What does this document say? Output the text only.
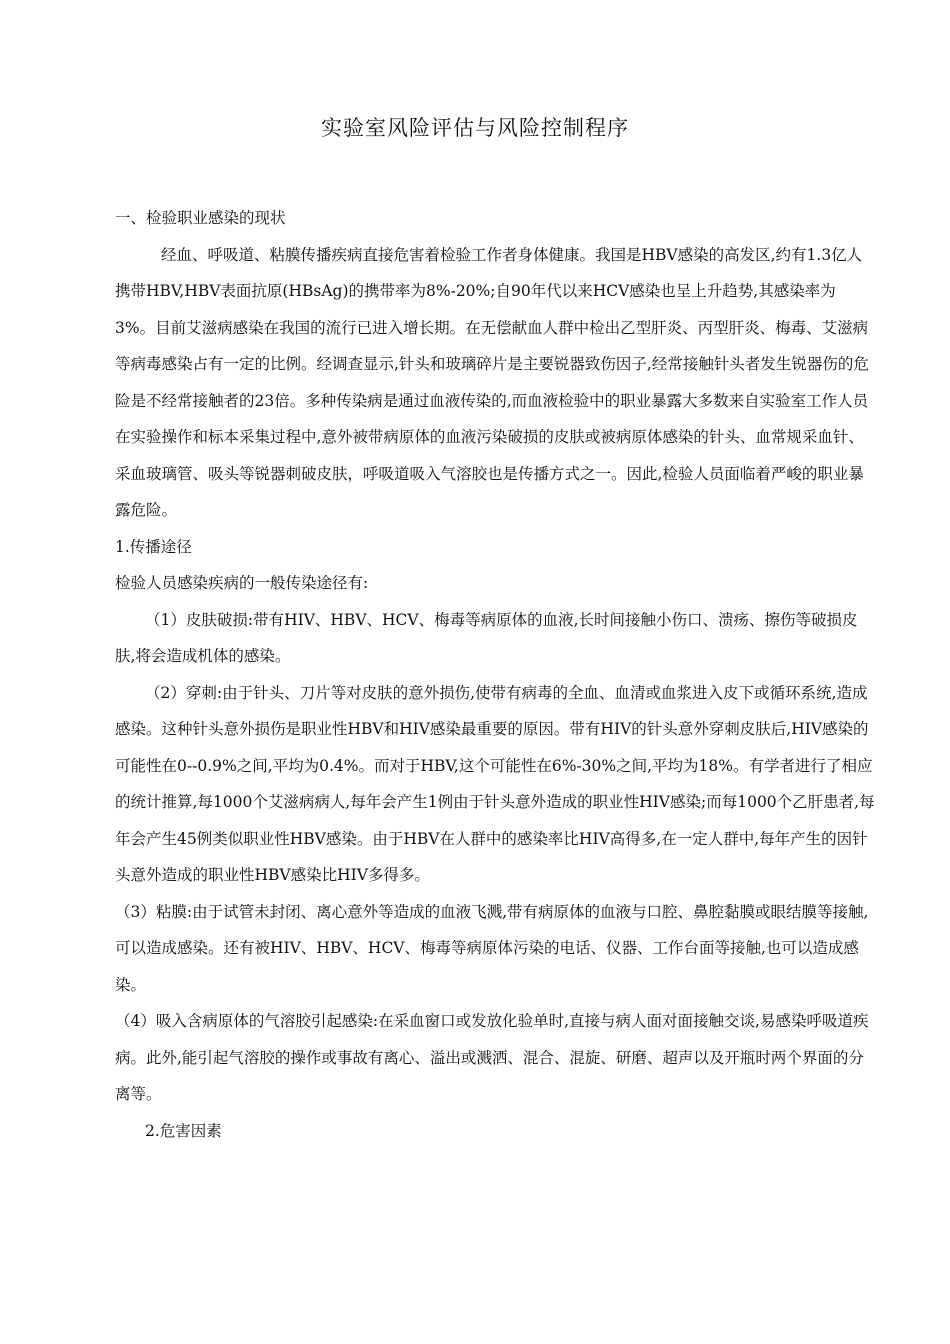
实验室风险评估与风险控制程序

一、检验职业感染的现状

经血、呼吸道、粘膜传播疾病直接危害着检验工作者身体健康。我国是HBV感染的高发区,约有1.3亿人携带HBV,HBV表面抗原(HBsAg)的携带率为8%-20%;自90年代以来HCV感染也呈上升趋势,其感染率为3%。目前艾滋病感染在我国的流行已进入增长期。在无偿献血人群中检出乙型肝炎、丙型肝炎、梅毒、艾滋病等病毒感染占有一定的比例。经调查显示,针头和玻璃碎片是主要锐器致伤因子,经常接触针头者发生锐器伤的危险是不经常接触者的23倍。多种传染病是通过血液传染的,而血液检验中的职业暴露大多数来自实验室工作人员在实验操作和标本采集过程中,意外被带病原体的血液污染破损的皮肤或被病原体感染的针头、血常规采血针、采血玻璃管、吸头等锐器刺破皮肤，呼吸道吸入气溶胶也是传播方式之一。因此,检验人员面临着严峻的职业暴露危险。

1.传播途径

检验人员感染疾病的一般传染途径有:

（1）皮肤破损:带有HIV、HBV、HCV、梅毒等病原体的血液,长时间接触小伤口、溃疡、擦伤等破损皮肤,将会造成机体的感染。

（2）穿刺:由于针头、刀片等对皮肤的意外损伤,使带有病毒的全血、血清或血浆进入皮下或循环系统,造成感染。这种针头意外损伤是职业性HBV和HIV感染最重要的原因。带有HIV的针头意外穿刺皮肤后,HIV感染的可能性在0--0.9%之间,平均为0.4%。而对于HBV,这个可能性在6%-30%之间,平均为18%。有学者进行了相应的统计推算,每1000个艾滋病病人,每年会产生1例由于针头意外造成的职业性HIV感染;而每1000个乙肝患者,每年会产生45例类似职业性HBV感染。由于HBV在人群中的感染率比HIV高得多,在一定人群中,每年产生的因针头意外造成的职业性HBV感染比HIV多得多。

（3）粘膜:由于试管未封闭、离心意外等造成的血液飞溅,带有病原体的血液与口腔、鼻腔黏膜或眼结膜等接触,可以造成感染。还有被HIV、HBV、HCV、梅毒等病原体污染的电话、仪器、工作台面等接触,也可以造成感染。

（4）吸入含病原体的气溶胶引起感染:在采血窗口或发放化验单时,直接与病人面对面接触交谈,易感染呼吸道疾病。此外,能引起气溶胶的操作或事故有离心、溢出或溅洒、混合、混旋、研磨、超声以及开瓶时两个界面的分离等。

2.危害因素
